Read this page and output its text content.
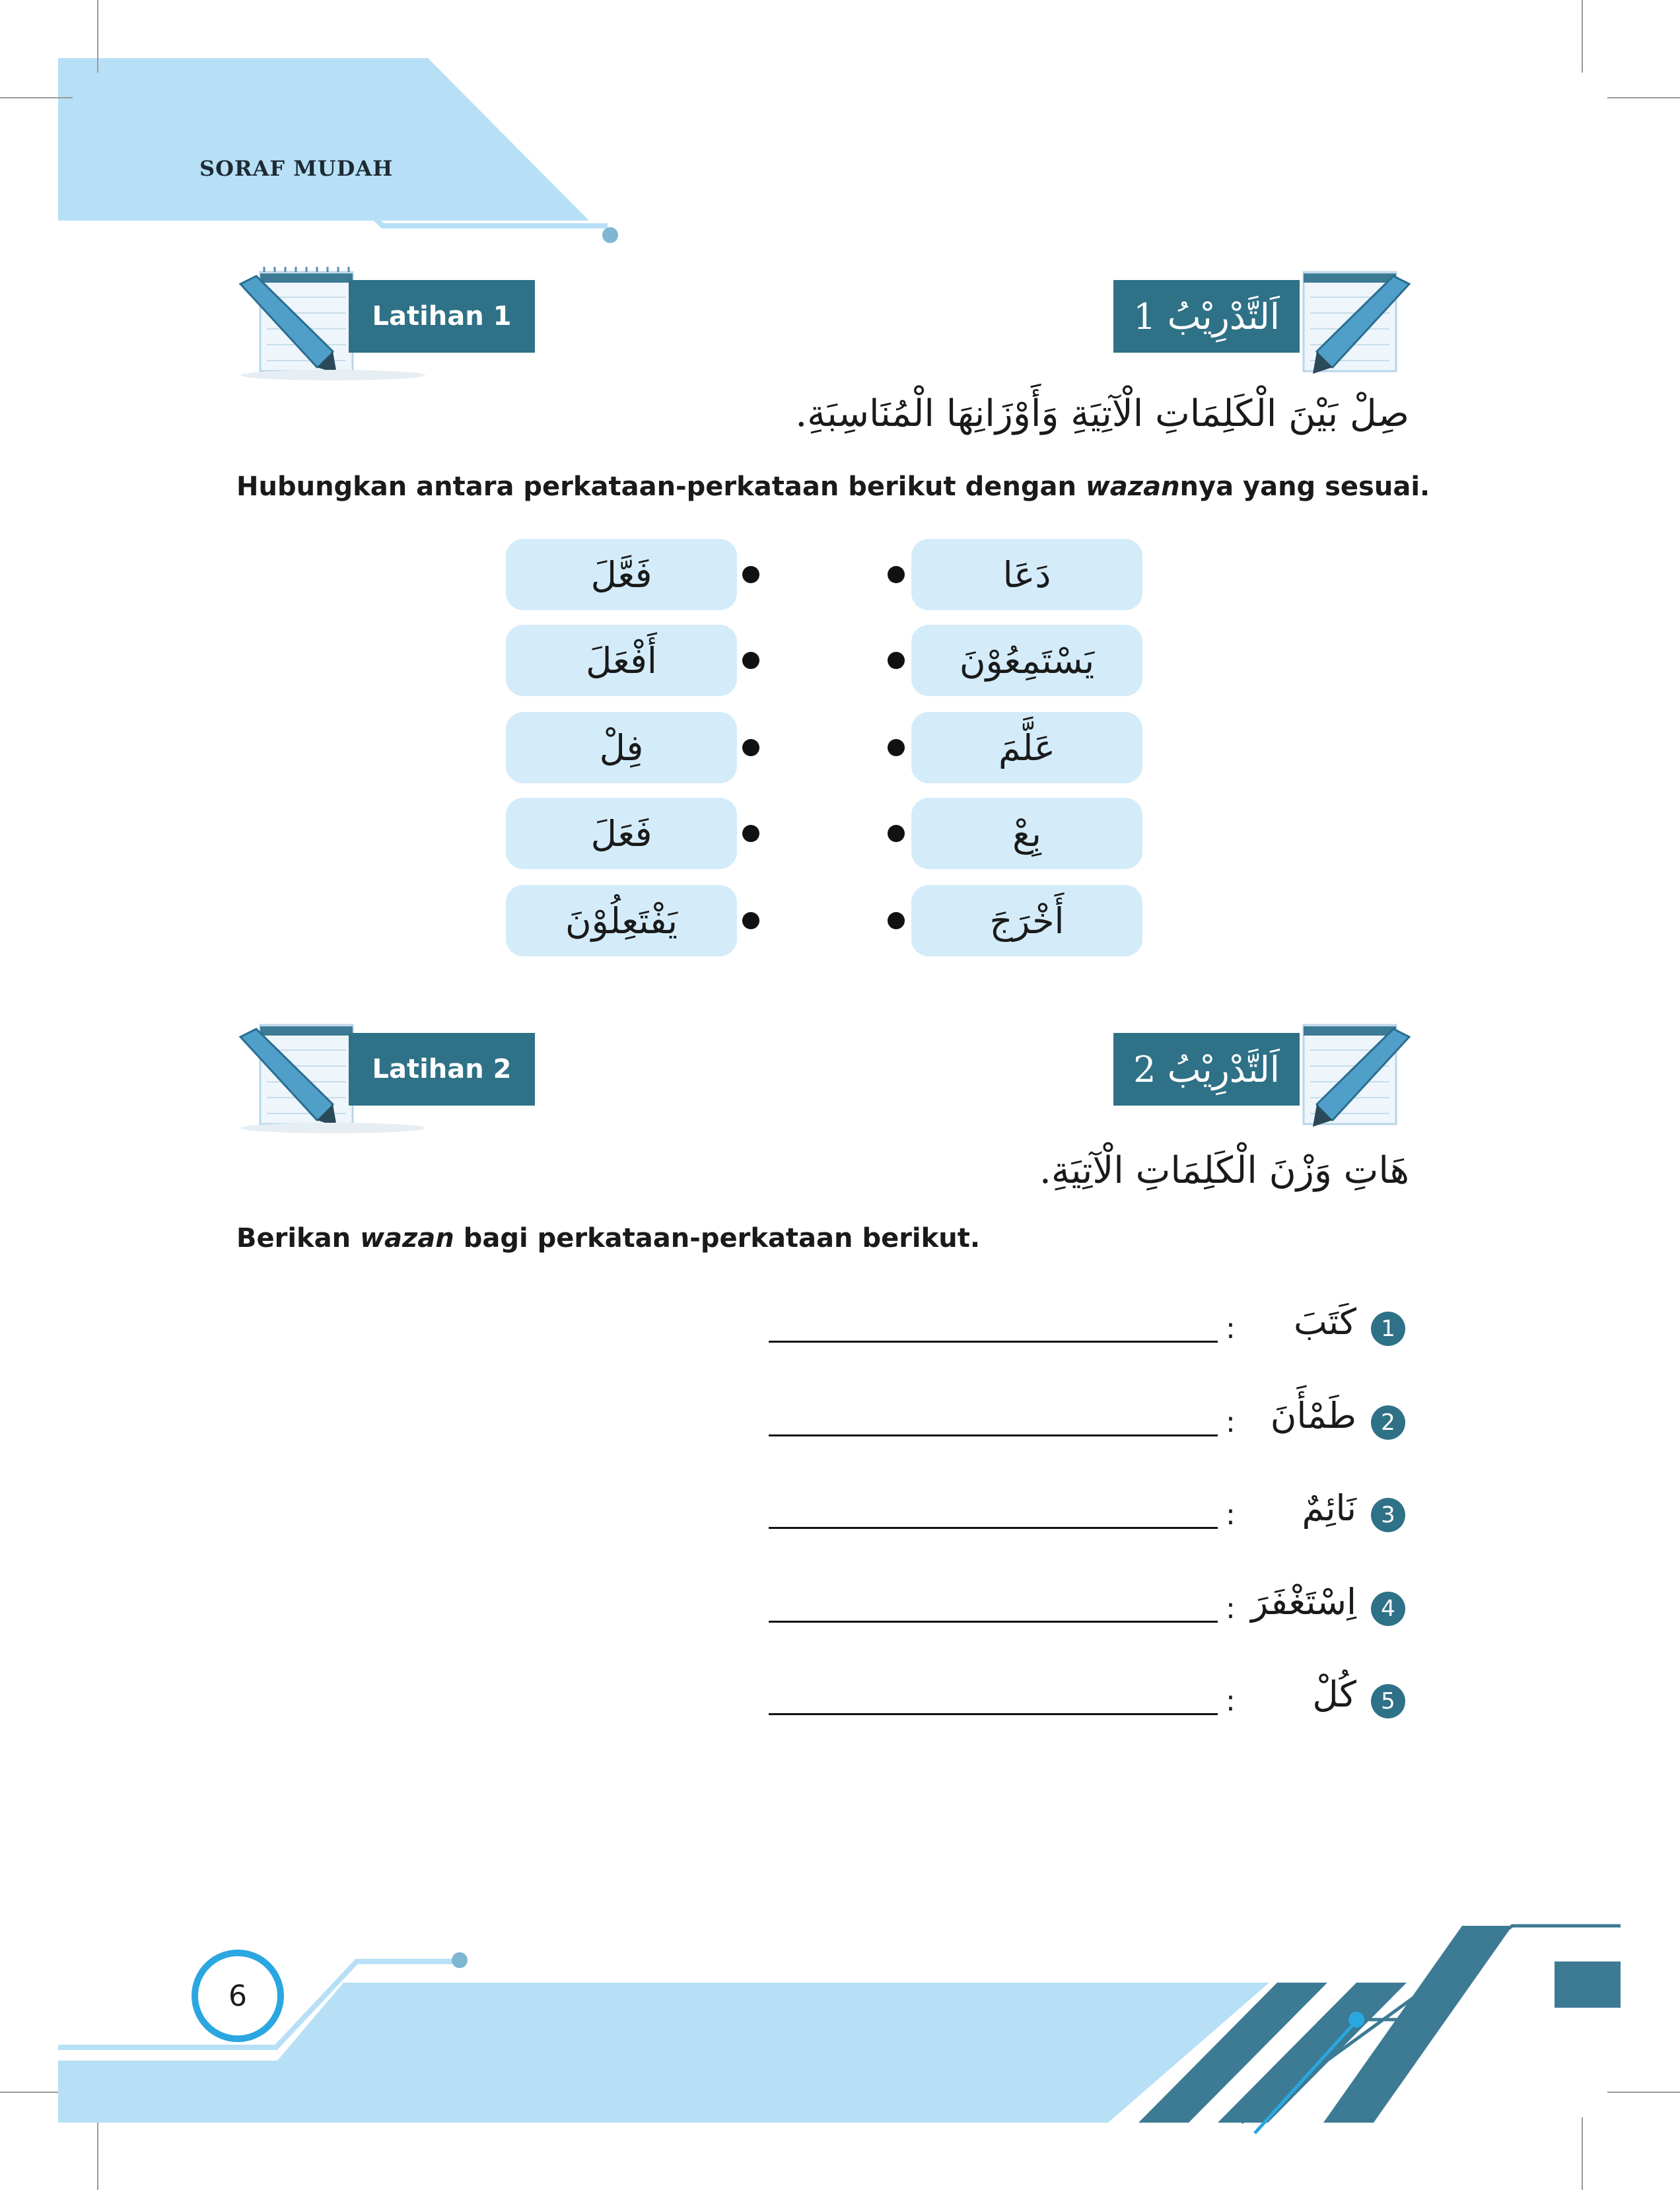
SORAF MUDAH
Latihan 1	اَلتَّدْرِيْبُ 1
صِلْ بَيْنَ الْكَلِمَاتِ الْآتِيَةِ وَأَوْزَانِهَا الْمُنَاسِبَةِ.
Hubungkan antara perkataan-perkataan berikut dengan wazannya yang sesuai.
فَعَّلَ
أَفْعَلَ
فِلْ
فَعَلَ
يَفْتَعِلُوْنَ
دَعَا
يَسْتَمِعُوْنَ
عَلَّمَ
بِعْ
أَخْرَجَ
Latihan 2	اَلتَّدْرِيْبُ 2
هَاتِ وَزْنَ الْكَلِمَاتِ الْآتِيَةِ.
Berikan wazan bagi perkataan-perkataan berikut.
1
كَتَبَ
:
2
طَمْأَنَ
:
3
نَائِمٌ
:
4
اِسْتَغْفَرَ
:
5
كُلْ
:
6
